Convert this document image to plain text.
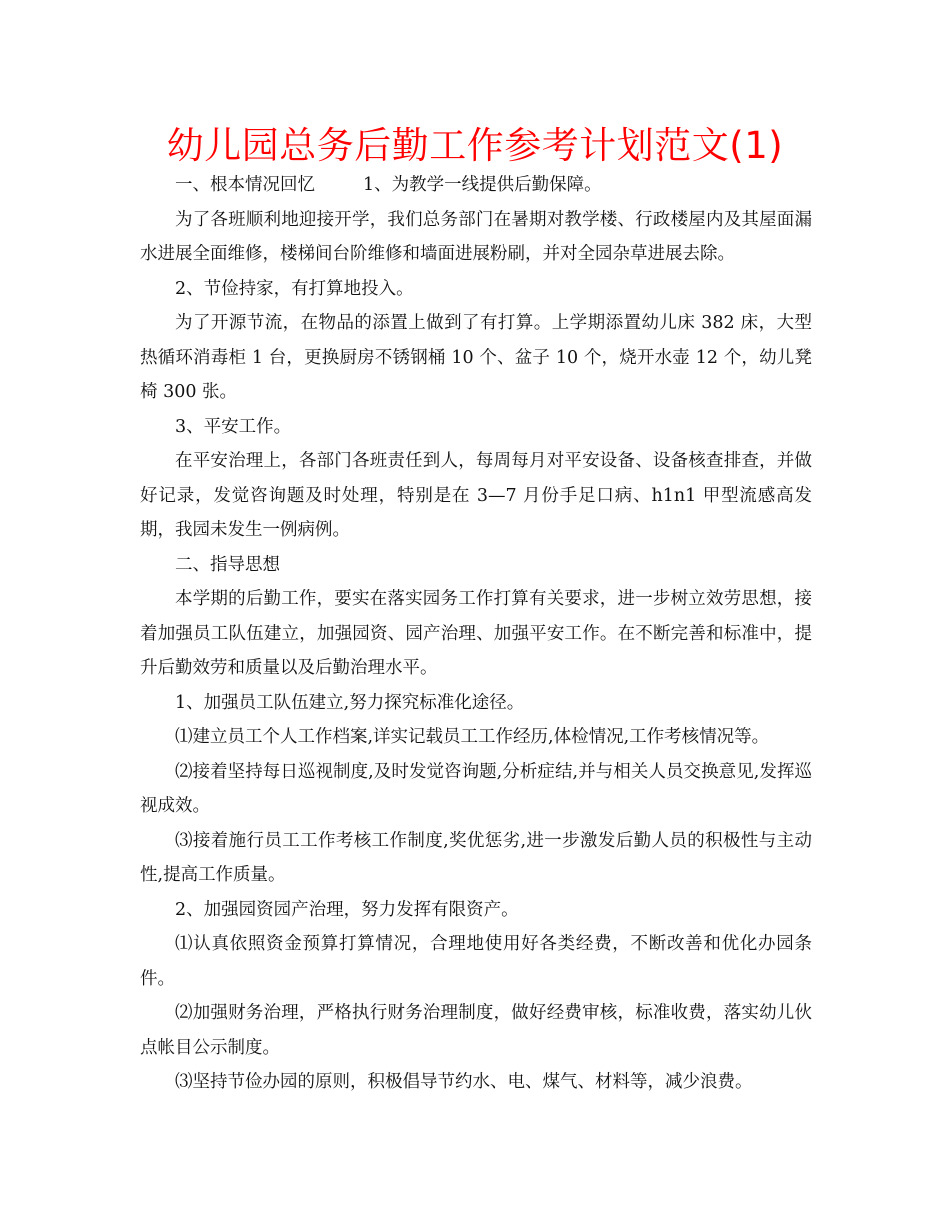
幼儿园总务后勤工作参考计划范文(1)

一、根本情况回忆	1、为教学一线提供后勤保障。

为了各班顺利地迎接开学，我们总务部门在暑期对教学楼、行政楼屋内及其屋面漏水进展全面维修，楼梯间台阶维修和墙面进展粉刷，并对全园杂草进展去除。

2、节俭持家，有打算地投入。

为了开源节流，在物品的添置上做到了有打算。上学期添置幼儿床 382 床，大型热循环消毒柜 1 台，更换厨房不锈钢桶 10 个、盆子 10 个，烧开水壶 12 个，幼儿凳椅 300 张。

3、平安工作。

在平安治理上，各部门各班责任到人，每周每月对平安设备、设备核查排查，并做好记录，发觉咨询题及时处理，特别是在 3—7 月份手足口病、h1n1 甲型流感高发期，我园未发生一例病例。

二、指导思想

本学期的后勤工作，要实在落实园务工作打算有关要求，进一步树立效劳思想，接着加强员工队伍建立，加强园资、园产治理、加强平安工作。在不断完善和标准中，提升后勤效劳和质量以及后勤治理水平。

1、加强员工队伍建立,努力探究标准化途径。

⑴建立员工个人工作档案,详实记载员工工作经历,体检情况,工作考核情况等。

⑵接着坚持每日巡视制度,及时发觉咨询题,分析症结,并与相关人员交换意见,发挥巡视成效。

⑶接着施行员工工作考核工作制度,奖优惩劣,进一步激发后勤人员的积极性与主动性,提高工作质量。

2、加强园资园产治理，努力发挥有限资产。

⑴认真依照资金预算打算情况，合理地使用好各类经费，不断改善和优化办园条件。

⑵加强财务治理，严格执行财务治理制度，做好经费审核，标准收费，落实幼儿伙点帐目公示制度。

⑶坚持节俭办园的原则，积极倡导节约水、电、煤气、材料等，减少浪费。
